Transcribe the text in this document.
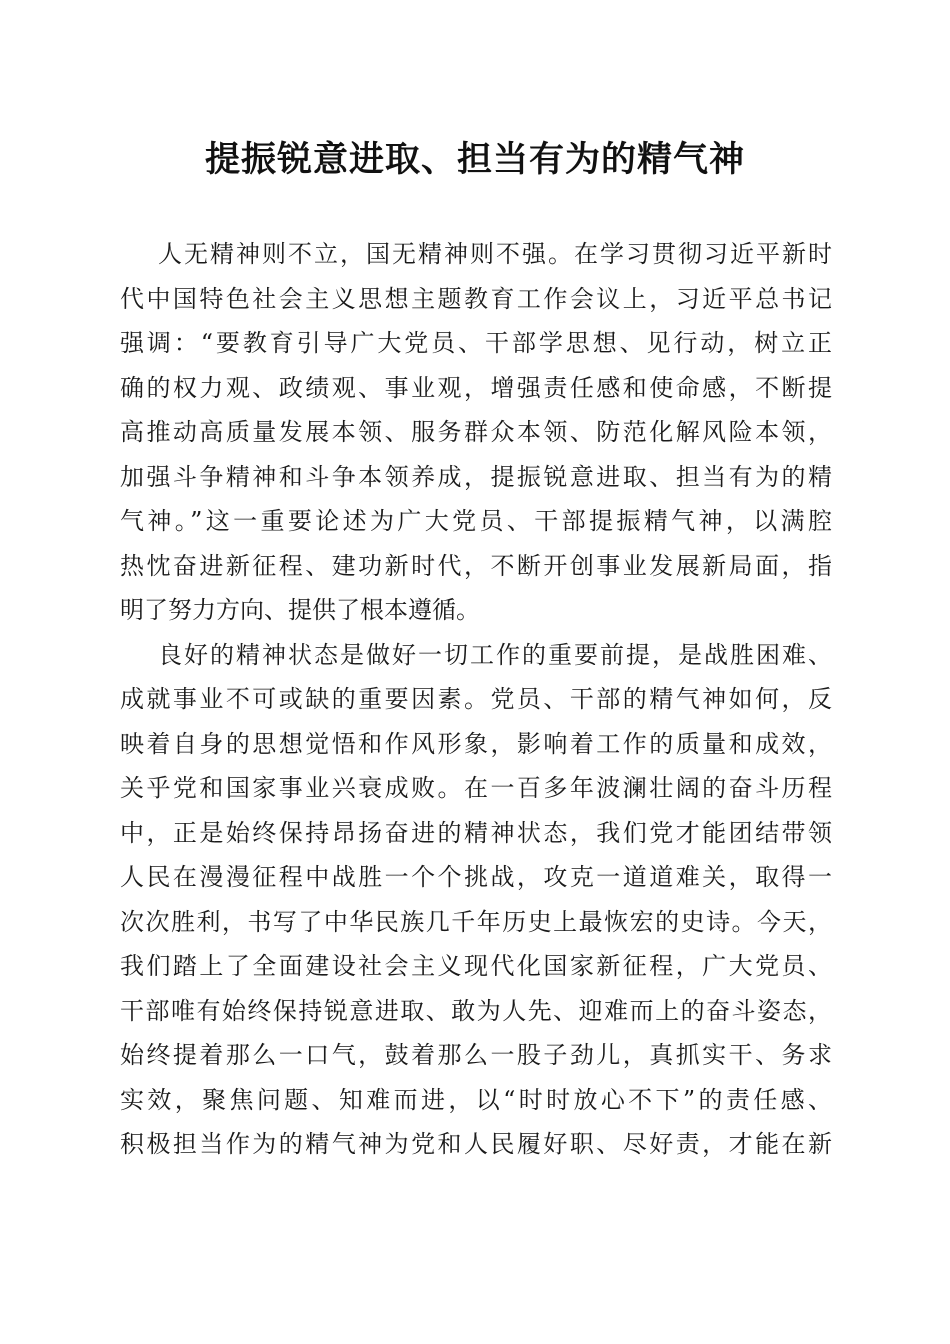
提振锐意进取、担当有为的精气神
人无精神则不立，国无精神则不强。在学习贯彻习近平新时
代中国特色社会主义思想主题教育工作会议上，习近平总书记
强调：“要教育引导广大党员、干部学思想、见行动，树立正
确的权力观、政绩观、事业观，增强责任感和使命感，不断提
高推动高质量发展本领、服务群众本领、防范化解风险本领，
加强斗争精神和斗争本领养成，提振锐意进取、担当有为的精
气神。”这一重要论述为广大党员、干部提振精气神，以满腔
热忱奋进新征程、建功新时代，不断开创事业发展新局面，指
明了努力方向、提供了根本遵循。
良好的精神状态是做好一切工作的重要前提，是战胜困难、
成就事业不可或缺的重要因素。党员、干部的精气神如何，反
映着自身的思想觉悟和作风形象，影响着工作的质量和成效，
关乎党和国家事业兴衰成败。在一百多年波澜壮阔的奋斗历程
中，正是始终保持昂扬奋进的精神状态，我们党才能团结带领
人民在漫漫征程中战胜一个个挑战，攻克一道道难关，取得一
次次胜利，书写了中华民族几千年历史上最恢宏的史诗。今天，
我们踏上了全面建设社会主义现代化国家新征程，广大党员、
干部唯有始终保持锐意进取、敢为人先、迎难而上的奋斗姿态，
始终提着那么一口气，鼓着那么一股子劲儿，真抓实干、务求
实效，聚焦问题、知难而进，以“时时放心不下”的责任感、
积极担当作为的精气神为党和人民履好职、尽好责，才能在新
